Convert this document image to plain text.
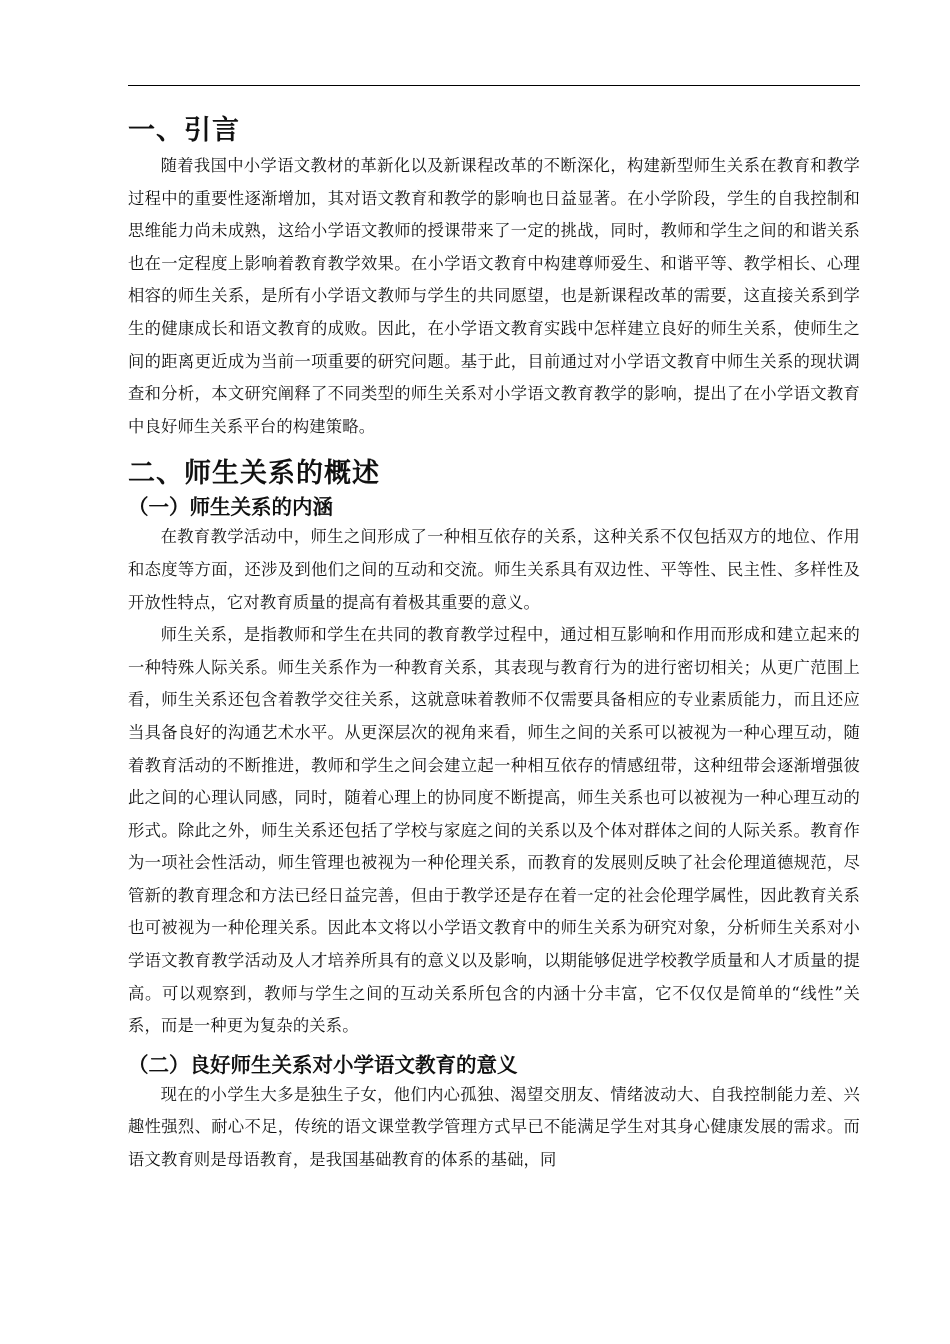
一、引言

随着我国中小学语文教材的革新化以及新课程改革的不断深化，构建新型师生关系在教育和教学过程中的重要性逐渐增加，其对语文教育和教学的影响也日益显著。在小学阶段，学生的自我控制和思维能力尚未成熟，这给小学语文教师的授课带来了一定的挑战，同时，教师和学生之间的和谐关系也在一定程度上影响着教育教学效果。在小学语文教育中构建尊师爱生、和谐平等、教学相长、心理相容的师生关系，是所有小学语文教师与学生的共同愿望，也是新课程改革的需要，这直接关系到学生的健康成长和语文教育的成败。因此，在小学语文教育实践中怎样建立良好的师生关系，使师生之间的距离更近成为当前一项重要的研究问题。基于此，目前通过对小学语文教育中师生关系的现状调查和分析，本文研究阐释了不同类型的师生关系对小学语文教育教学的影响，提出了在小学语文教育中良好师生关系平台的构建策略。

二、师生关系的概述
（一）师生关系的内涵

在教育教学活动中，师生之间形成了一种相互依存的关系，这种关系不仅包括双方的地位、作用和态度等方面，还涉及到他们之间的互动和交流。师生关系具有双边性、平等性、民主性、多样性及开放性特点，它对教育质量的提高有着极其重要的意义。

师生关系，是指教师和学生在共同的教育教学过程中，通过相互影响和作用而形成和建立起来的一种特殊人际关系。师生关系作为一种教育关系，其表现与教育行为的进行密切相关；从更广范围上看，师生关系还包含着教学交往关系，这就意味着教师不仅需要具备相应的专业素质能力，而且还应当具备良好的沟通艺术水平。从更深层次的视角来看，师生之间的关系可以被视为一种心理互动，随着教育活动的不断推进，教师和学生之间会建立起一种相互依存的情感纽带，这种纽带会逐渐增强彼此之间的心理认同感，同时，随着心理上的协同度不断提高，师生关系也可以被视为一种心理互动的形式。除此之外，师生关系还包括了学校与家庭之间的关系以及个体对群体之间的人际关系。教育作为一项社会性活动，师生管理也被视为一种伦理关系，而教育的发展则反映了社会伦理道德规范，尽管新的教育理念和方法已经日益完善，但由于教学还是存在着一定的社会伦理学属性，因此教育关系也可被视为一种伦理关系。因此本文将以小学语文教育中的师生关系为研究对象，分析师生关系对小学语文教育教学活动及人才培养所具有的意义以及影响，以期能够促进学校教学质量和人才质量的提高。可以观察到，教师与学生之间的互动关系所包含的内涵十分丰富，它不仅仅是简单的“线性”关系，而是一种更为复杂的关系。

（二）良好师生关系对小学语文教育的意义

现在的小学生大多是独生子女，他们内心孤独、渴望交朋友、情绪波动大、自我控制能力差、兴趣性强烈、耐心不足，传统的语文课堂教学管理方式早已不能满足学生对其身心健康发展的需求。而语文教育则是母语教育，是我国基础教育的体系的基础，同
